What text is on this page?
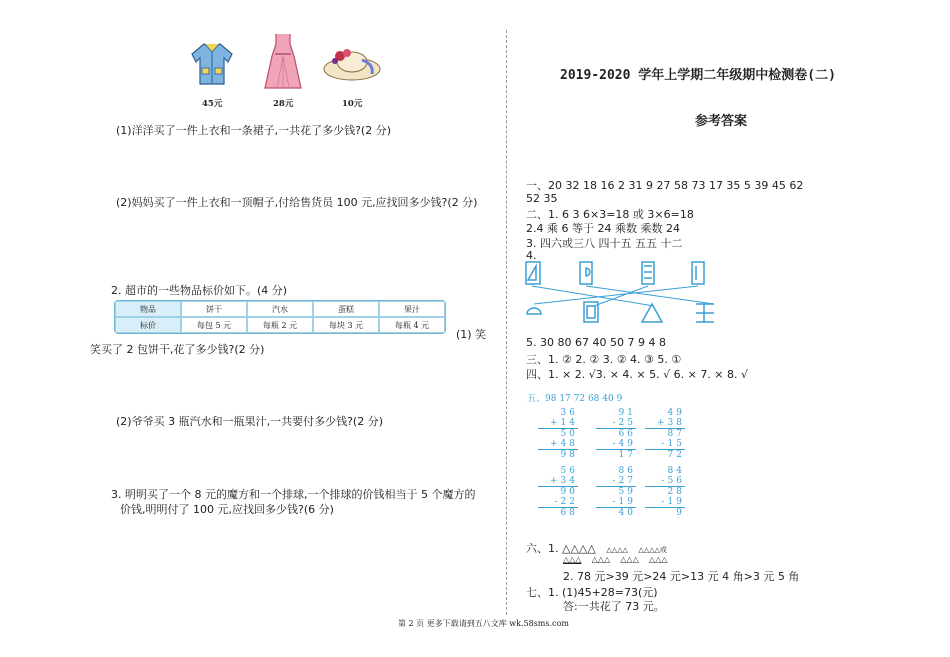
45元	28元	10元
(1)洋洋买了一件上衣和一条裙子,一共花了多少钱?(2 分)
(2)妈妈买了一件上衣和一顶帽子,付给售货员 100 元,应找回多少钱?(2 分)
2. 超市的一些物品标价如下。(4 分)
物品	饼干	汽水	蛋糕	果汁
标价	每包 5 元	每瓶 2 元	每块 3 元	每瓶 4 元
(1) 笑
笑买了 2 包饼干,花了多少钱?(2 分)
(2)爷爷买 3 瓶汽水和一瓶果汁,一共要付多少钱?(2 分)
3. 明明买了一个 8 元的魔方和一个排球,一个排球的价钱相当于 5 个魔方的
价钱,明明付了 100 元,应找回多少钱?(6 分)
2019-2020 学年上学期二年级期中检测卷(二)
参考答案
一、20 32 18 16 2 31 9 27 58 73 17 35 5 39 45 62
52 35
二、1. 6 3 6×3=18 或 3×6=18
2.4 乘 6 等于 24 乘数 乘数 24
3. 四六或三八 四十五 五五 十二
4.
5. 30 80 67 40 50 7 9 4 8
三、1. ② 2. ② 3. ② 4. ③ 5. ①
四、1. × 2. √3. × 4. × 5. √ 6. × 7. × 8. √
五、98 17 72 68 40 9
36
+14
50
+48
98
91
-25
66
-49
17
49
+38
87
-15
72
56
+34
90
-22
68
86
-27
59
-19
40
84
-56
28
-19
9
六、1. △△△△ △△△△ △△△△或
△△△ △△△ △△△ △△△
2. 78 元>39 元>24 元>13 元 4 角>3 元 5 角
七、1. (1)45+28=73(元)
答:一共花了 73 元。
第 2 页 更多下载请到五八文库 wk.58sms.com
